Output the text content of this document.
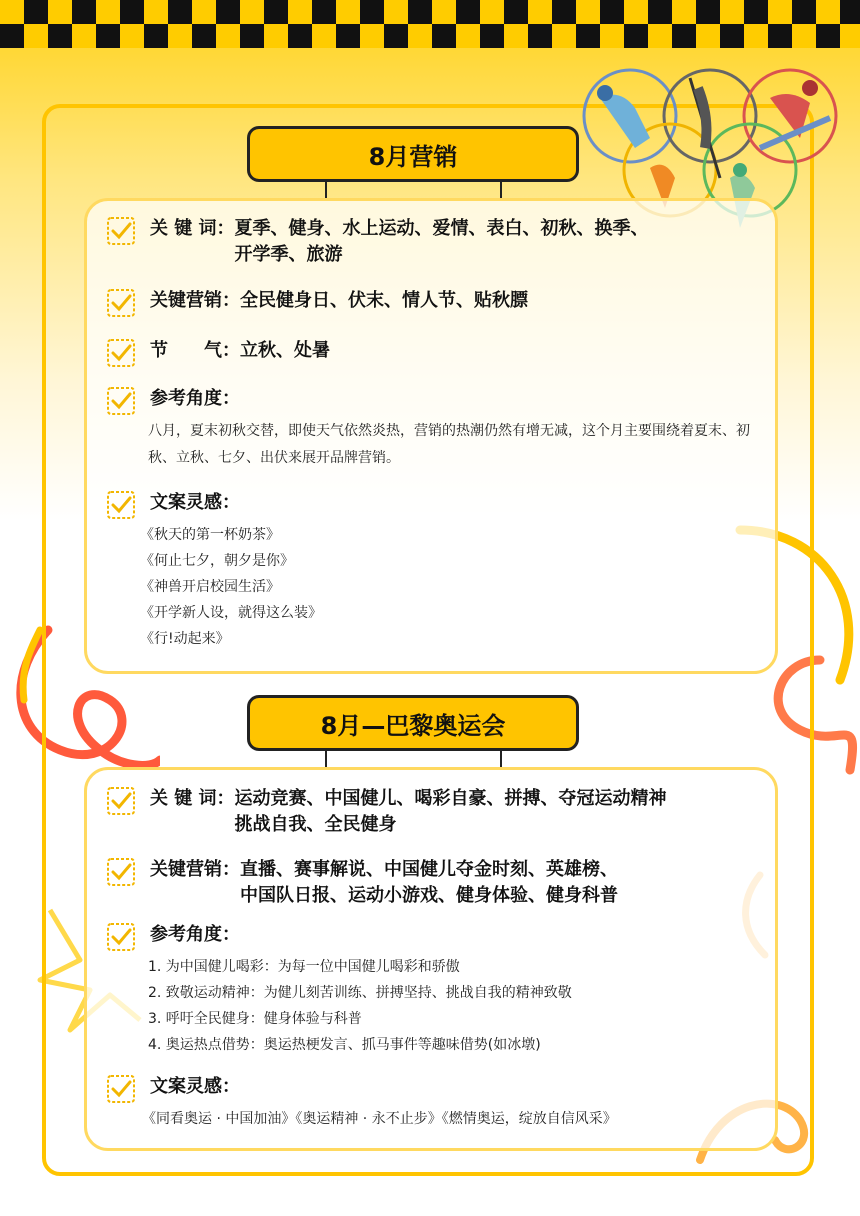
8月营销
关 键 词： 夏季、健身、水上运动、爱情、表白、初秋、换季、
开学季、旅游
关键营销： 全民健身日、伏末、情人节、贴秋膘
节　　气： 立秋、处暑
参考角度：
八月，夏末初秋交替，即使天气依然炎热，营销的热潮仍然有增无减，这个月主要围绕着夏末、初秋、立秋、七夕、出伏来展开品牌营销。
文案灵感：
《秋天的第一杯奶茶》
《何止七夕，朝夕是你》
《神兽开启校园生活》
《开学新人设，就得这么装》
《行!动起来》
8月—巴黎奥运会
关 键 词： 运动竞赛、中国健儿、喝彩自豪、拼搏、夺冠运动精神
挑战自我、全民健身
关键营销： 直播、赛事解说、中国健儿夺金时刻、英雄榜、
中国队日报、运动小游戏、健身体验、健身科普
参考角度：
1. 为中国健儿喝彩：为每一位中国健儿喝彩和骄傲
2. 致敬运动精神：为健儿刻苦训练、拼搏坚持、挑战自我的精神致敬
3. 呼吁全民健身：健身体验与科普
4. 奥运热点借势：奥运热梗发言、抓马事件等趣味借势(如冰墩)
文案灵感：
《同看奥运 · 中国加油》《奥运精神 · 永不止步》《燃情奥运，绽放自信风采》
